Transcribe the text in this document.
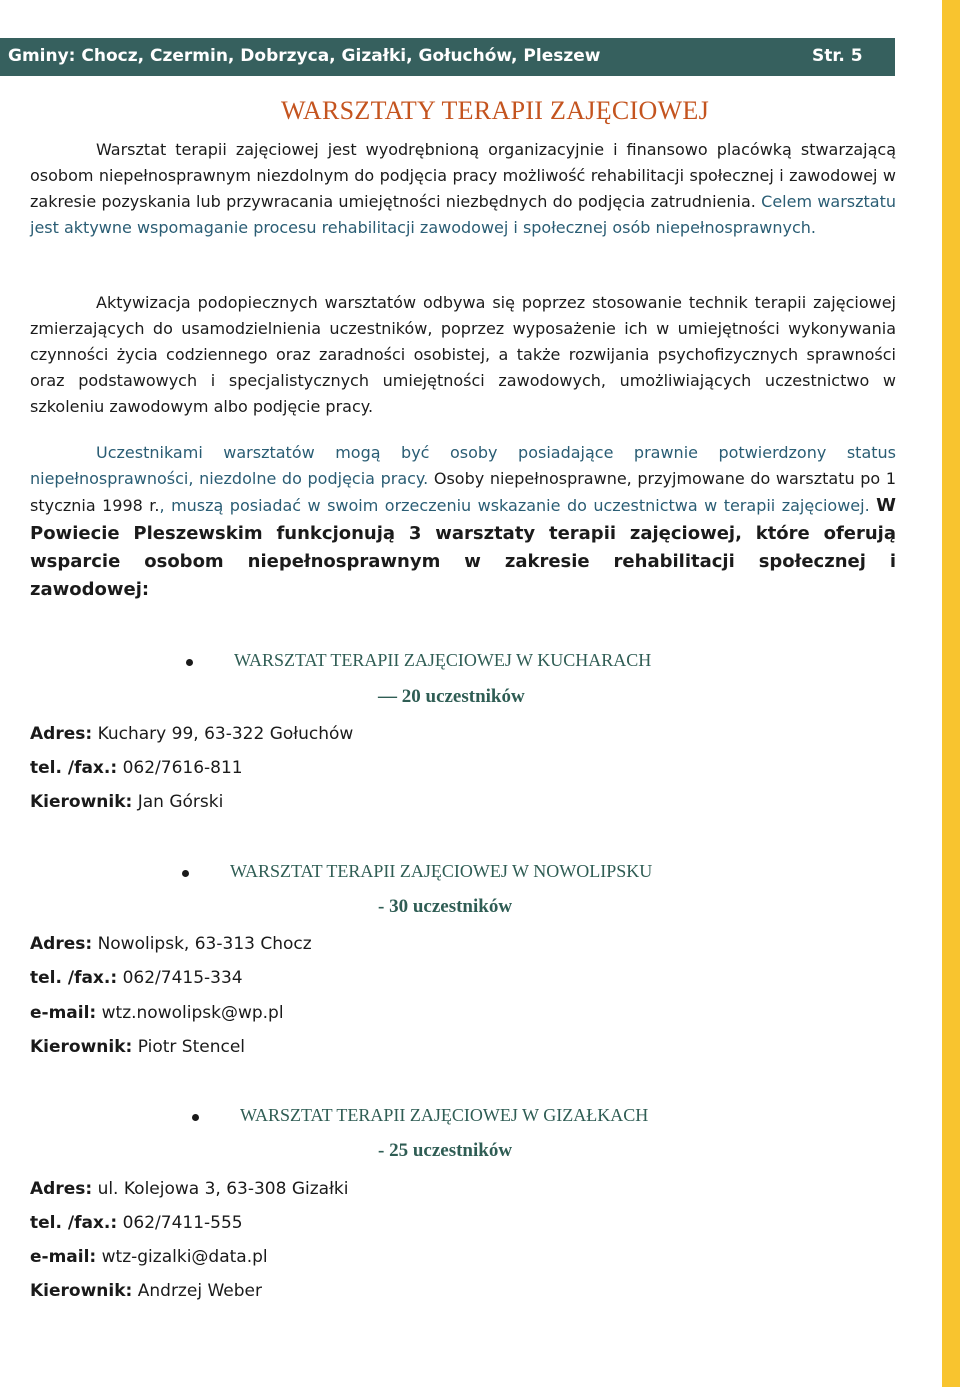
Gminy: Chocz, Czermin, Dobrzyca, Gizałki, Gołuchów, Pleszew	Str. 5
WARSZTATY TERAPII ZAJĘCIOWEJ

Warsztat terapii zajęciowej jest wyodrębnioną organizacyjnie i finansowo placówką stwarzającą osobom niepełnosprawnym niezdolnym do podjęcia pracy możliwość rehabilitacji społecznej i zawodowej w zakresie pozyskania lub przywracania umiejętności niezbędnych do podjęcia zatrudnienia. Celem warsztatu jest aktywne wspomaganie procesu rehabilitacji zawodowej i społecznej osób niepełnosprawnych.

Aktywizacja podopiecznych warsztatów odbywa się poprzez stosowanie technik terapii zajęciowej zmierzających do usamodzielnienia uczestników, poprzez wyposażenie ich w umiejętności wykonywania czynności życia codziennego oraz zaradności osobistej, a także rozwijania psychofizycznych sprawności oraz podstawowych i specjalistycznych umiejętności zawodowych, umożliwiających uczestnictwo w szkoleniu zawodowym albo podjęcie pracy.

Uczestnikami warsztatów mogą być osoby posiadające prawnie potwierdzony status niepełnosprawności, niezdolne do podjęcia pracy. Osoby niepełnosprawne, przyjmowane do warsztatu po 1 stycznia 1998 r., muszą posiadać w swoim orzeczeniu wskazanie do uczestnictwa w terapii zajęciowej. W Powiecie Pleszewskim funkcjonują 3 warsztaty terapii zajęciowej, które oferują wsparcie osobom niepełnosprawnym w zakresie rehabilitacji społecznej i zawodowej:

WARSZTAT TERAPII ZAJĘCIOWEJ W KUCHARACH
— 20 uczestników
Adres: Kuchary 99, 63-322 Gołuchów
tel. /fax.: 062/7616-811
Kierownik: Jan Górski
WARSZTAT TERAPII ZAJĘCIOWEJ W NOWOLIPSKU
- 30 uczestników
Adres: Nowolipsk, 63-313 Chocz
tel. /fax.: 062/7415-334
e-mail: wtz.nowolipsk@wp.pl
Kierownik: Piotr Stencel
WARSZTAT TERAPII ZAJĘCIOWEJ W GIZAŁKACH
- 25 uczestników
Adres: ul. Kolejowa 3, 63-308 Gizałki
tel. /fax.: 062/7411-555
e-mail: wtz-gizalki@data.pl
Kierownik: Andrzej Weber
